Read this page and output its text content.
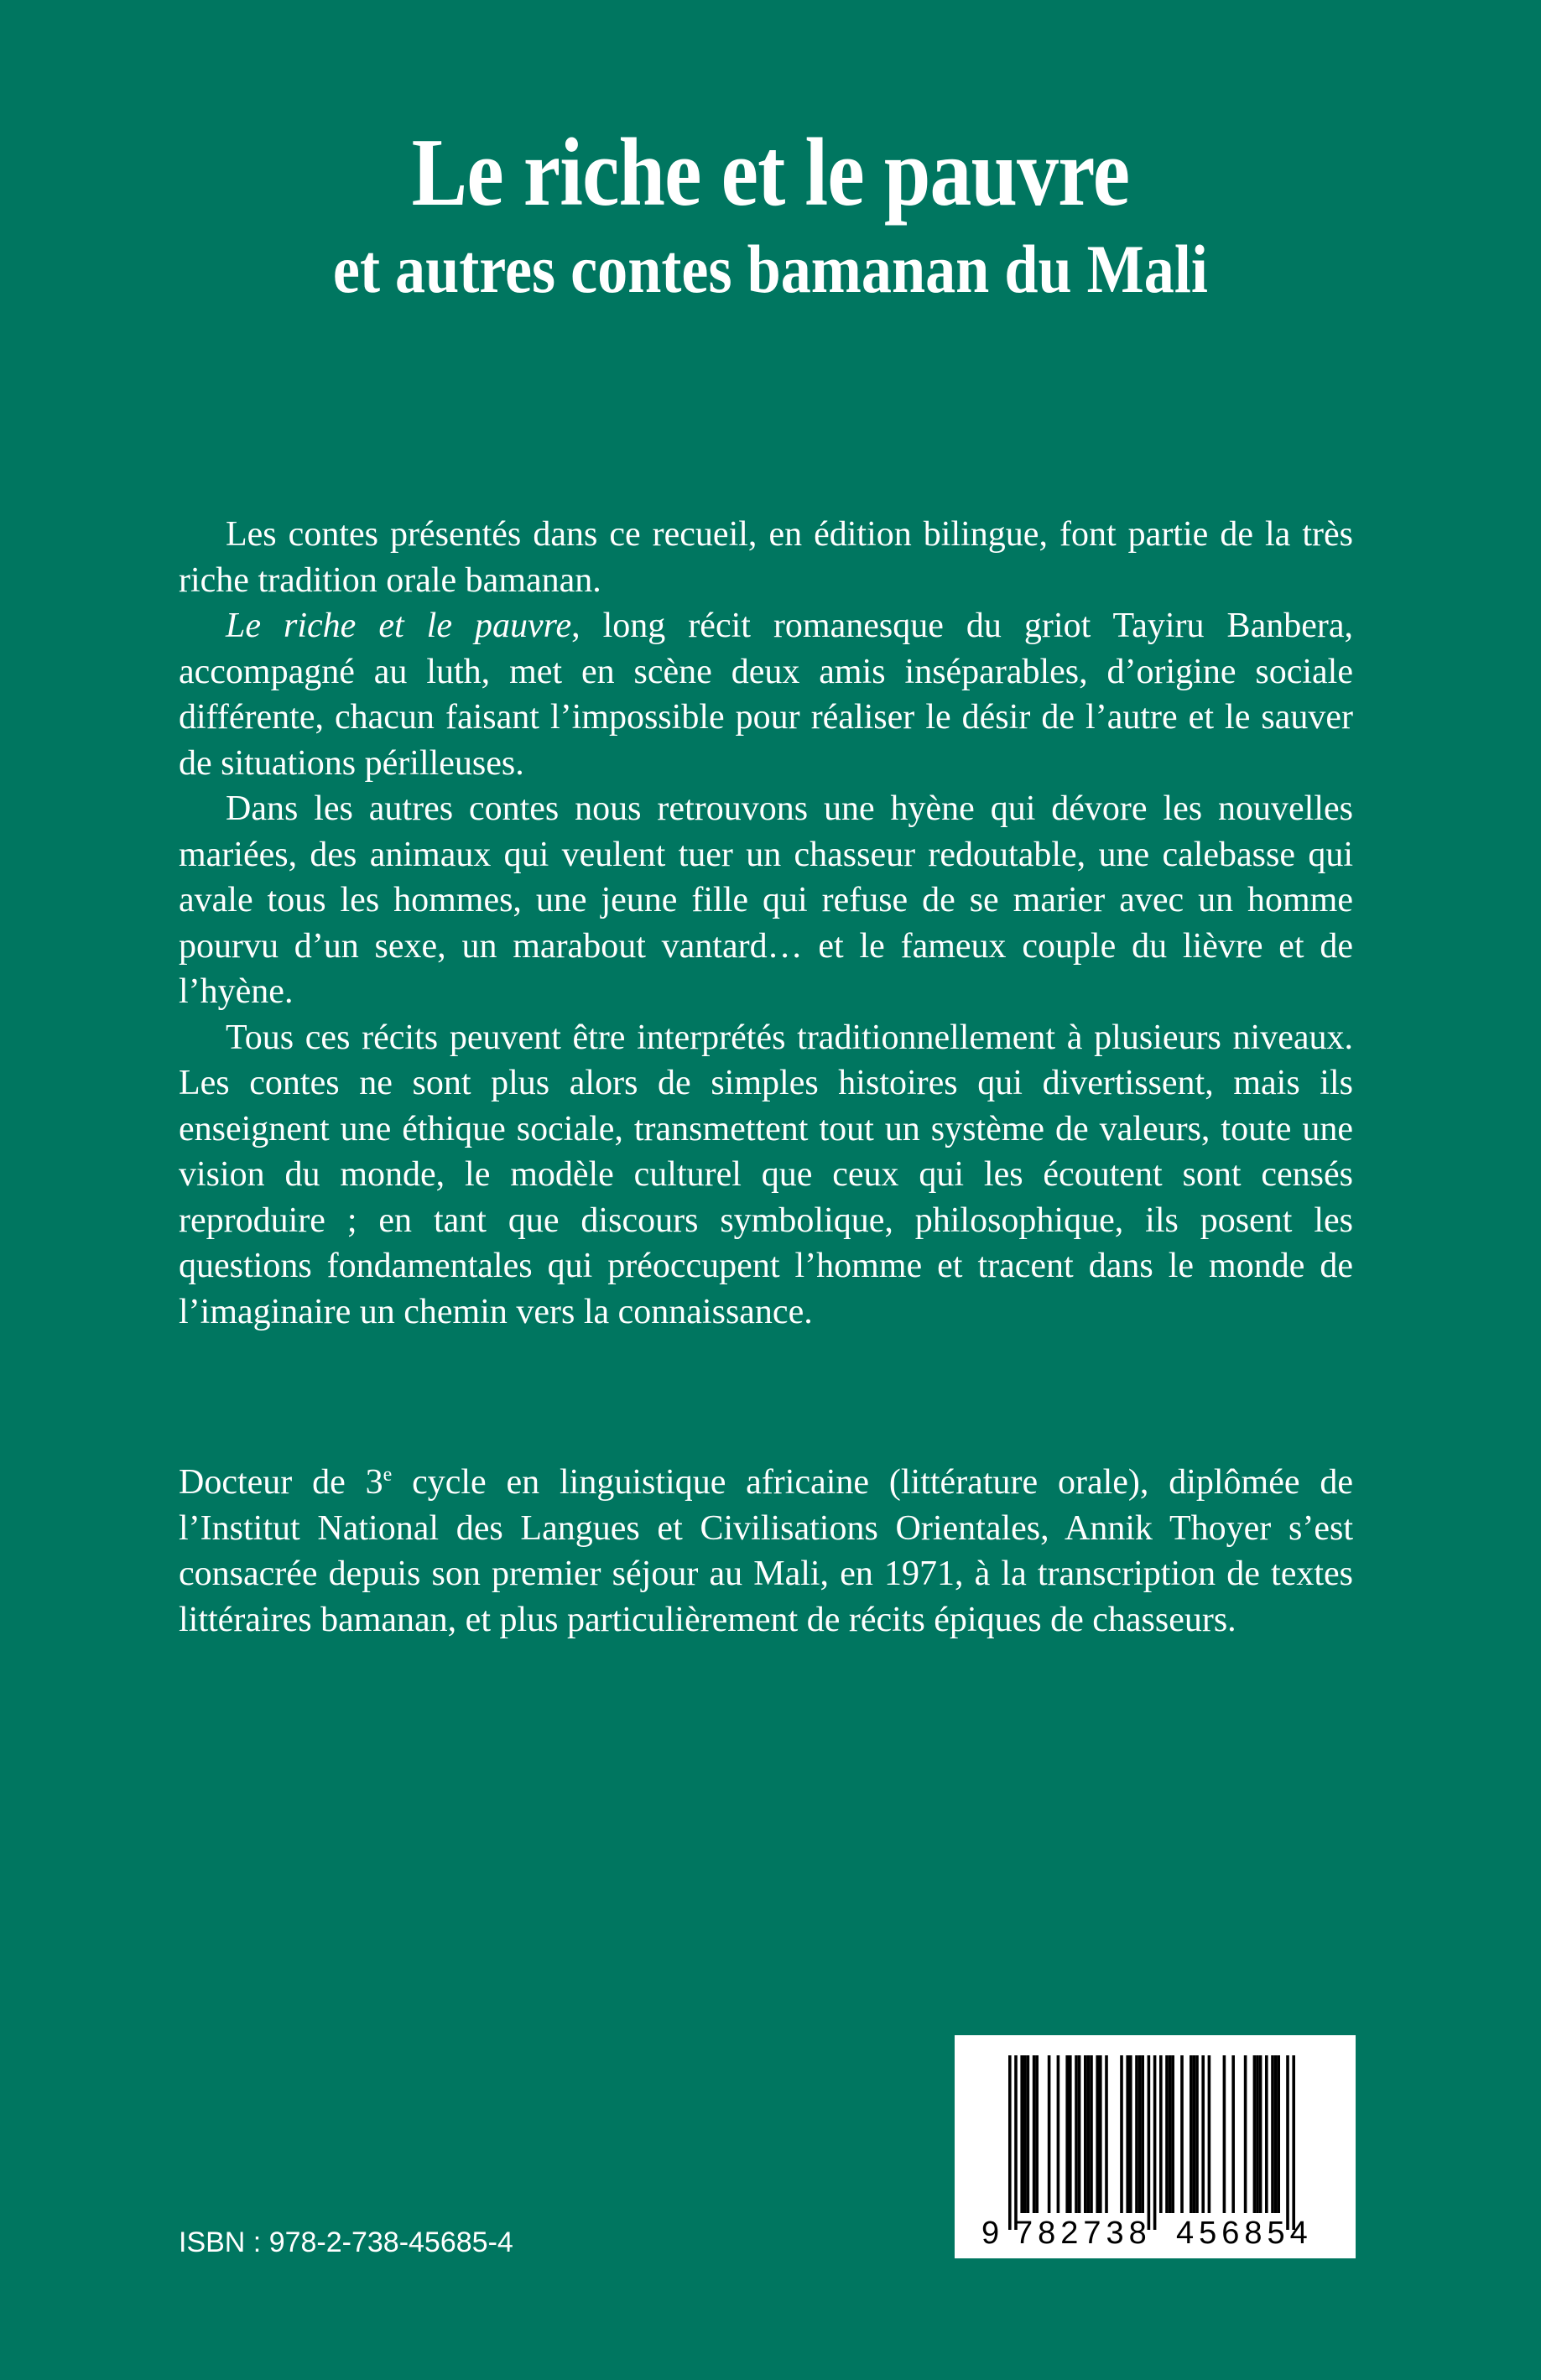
Le riche et le pauvre
et autres contes bamanan du Mali

Les contes présentés dans ce recueil, en édition bilingue, font partie de la très riche tradition orale bamanan.

Le riche et le pauvre, long récit romanesque du griot Tayiru Banbera, accompagné au luth, met en scène deux amis inséparables, d’origine sociale différente, chacun faisant l’impossible pour réaliser le désir de l’autre et le sauver de situations périlleuses.

Dans les autres contes nous retrouvons une hyène qui dévore les nouvelles mariées, des animaux qui veulent tuer un chasseur redoutable, une calebasse qui avale tous les hommes, une jeune fille qui refuse de se marier avec un homme pourvu d’un sexe, un marabout vantard… et le fameux couple du lièvre et de l’hyène.

Tous ces récits peuvent être interprétés traditionnellement à plusieurs niveaux. Les contes ne sont plus alors de simples histoires qui divertissent, mais ils enseignent une éthique sociale, transmettent tout un système de valeurs, toute une vision du monde, le modèle culturel que ceux qui les écoutent sont censés reproduire ; en tant que discours symbolique, philosophique, ils posent les questions fondamentales qui préoccupent l’homme et tracent dans le monde de l’imaginaire un chemin vers la connaissance.

Docteur de 3e cycle en linguistique africaine (littérature orale), diplômée de l’Institut National des Langues et Civilisations Orientales, Annik Thoyer s’est consacrée depuis son premier séjour au Mali, en 1971, à la transcription de textes littéraires bamanan, et plus particulièrement de récits épiques de chasseurs.

ISBN : 978-2-738-45685-4	9 782738 456854
